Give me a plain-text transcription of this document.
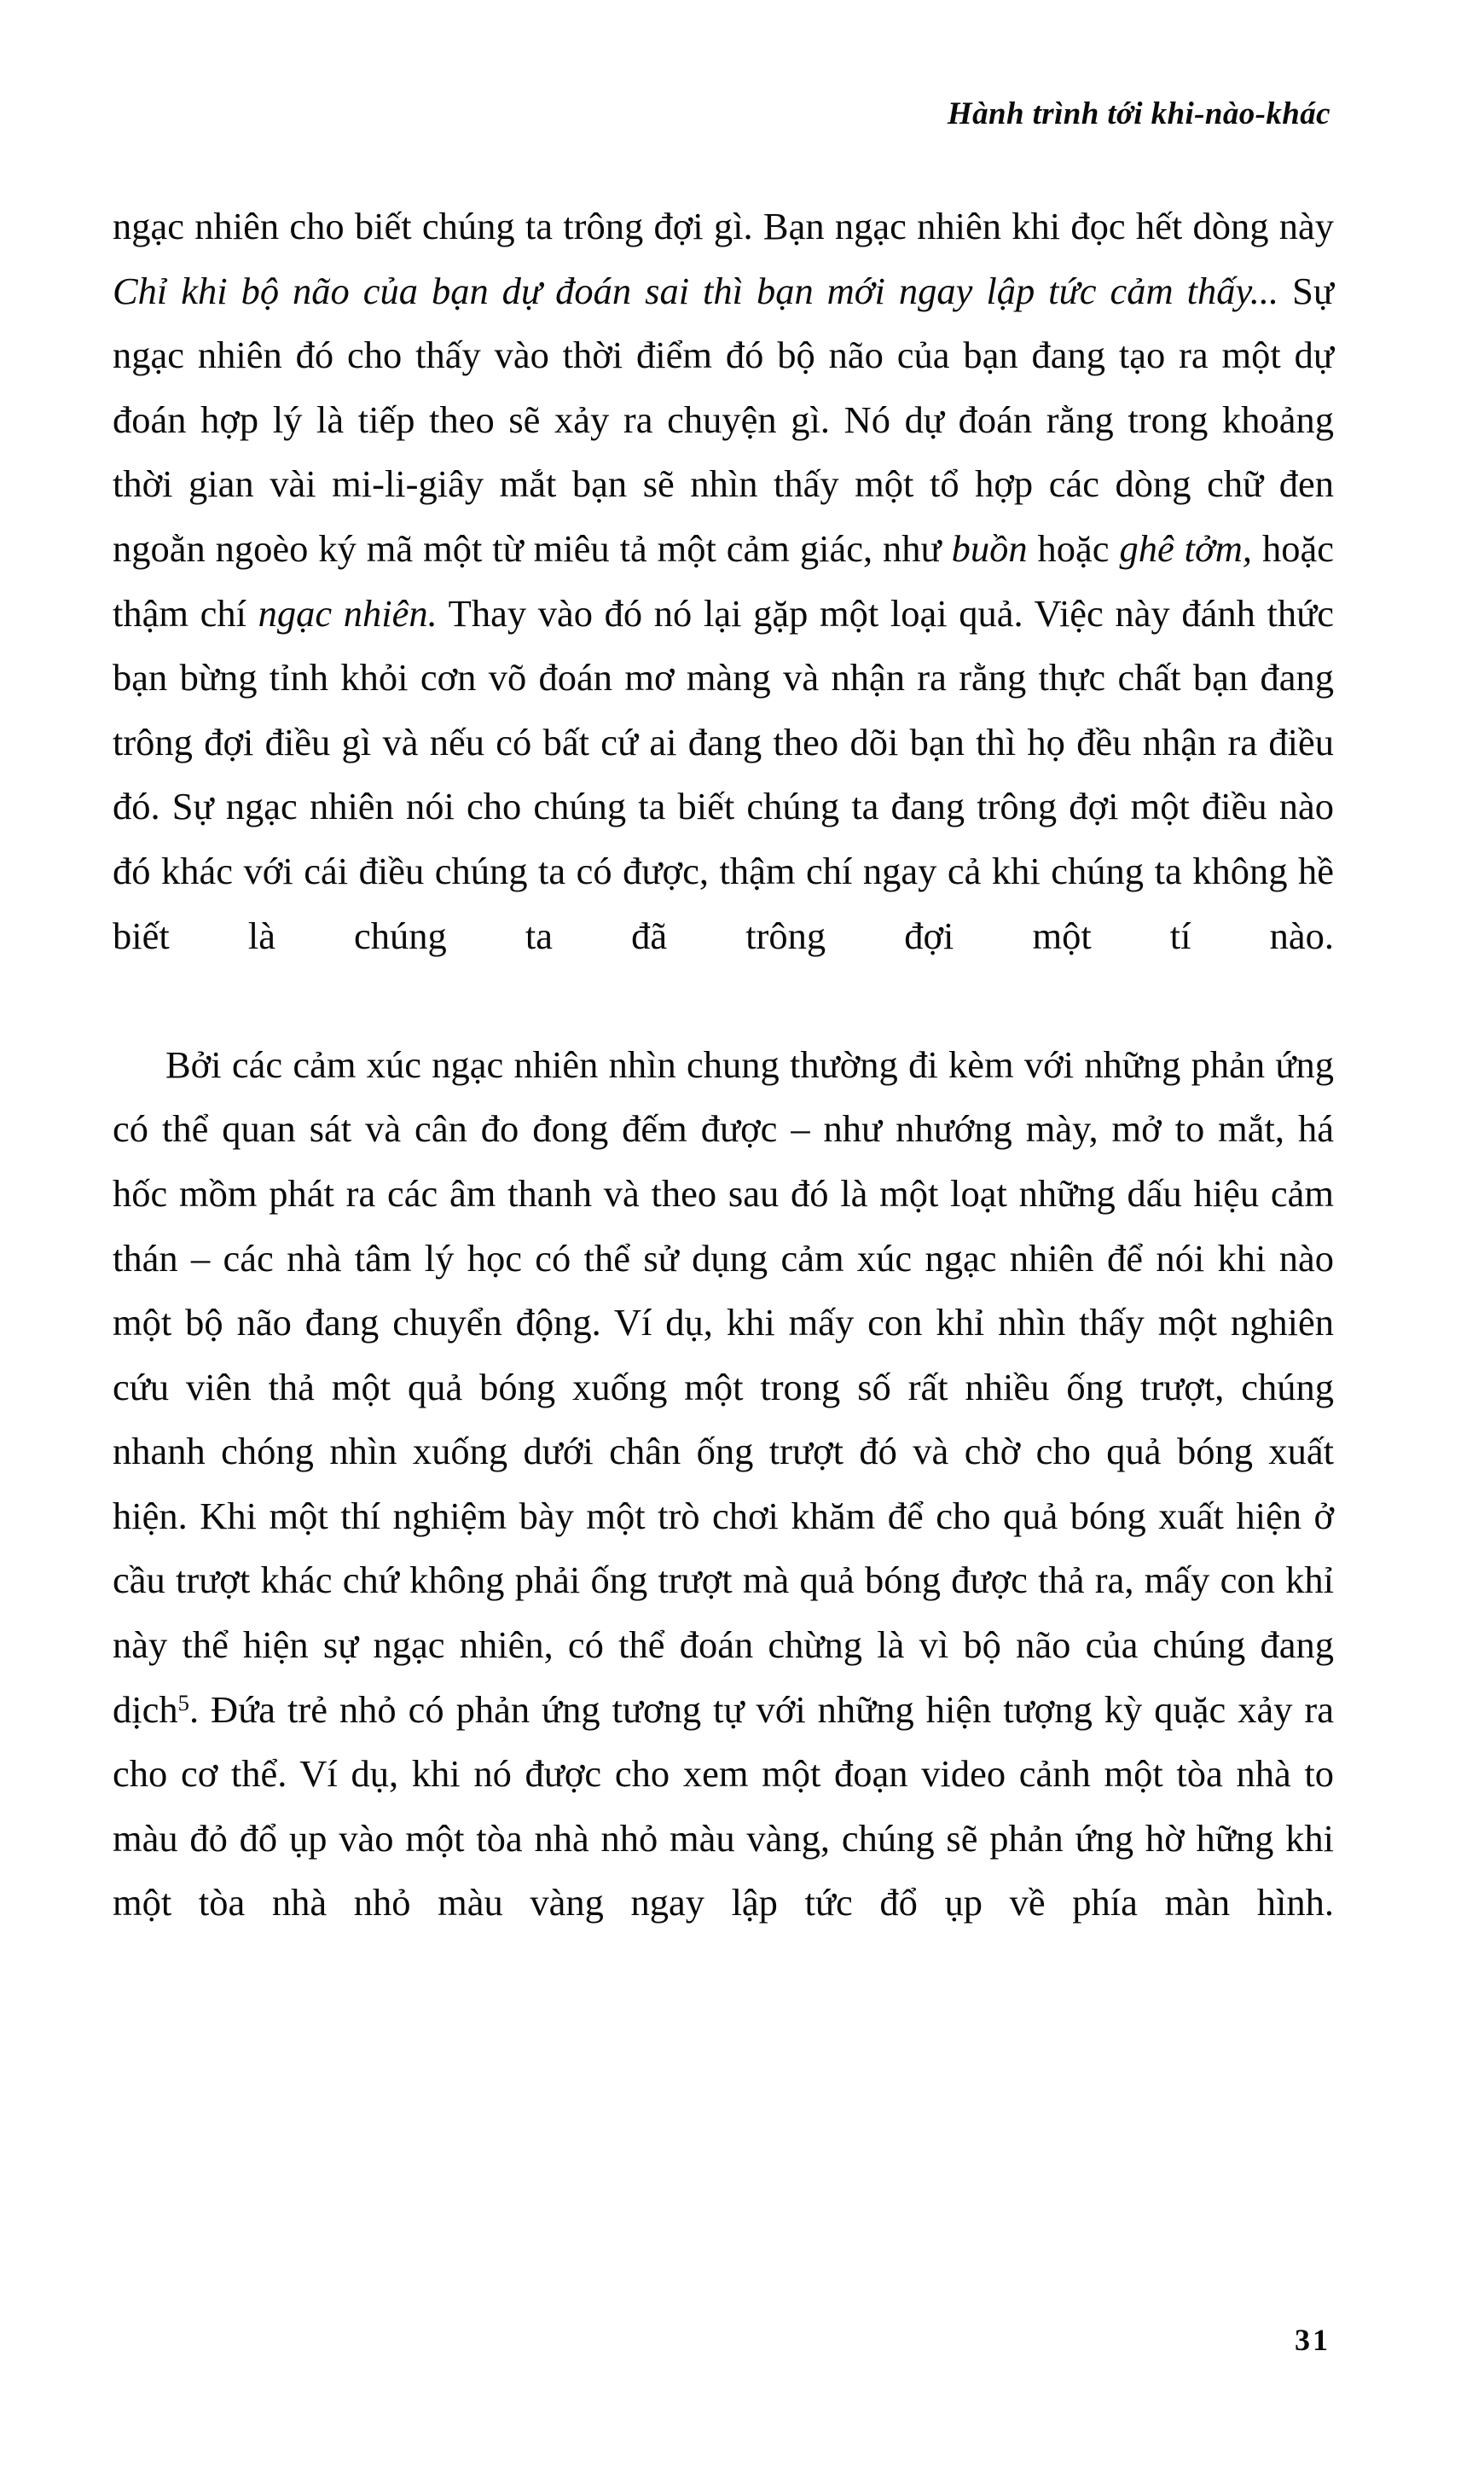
Hành trình tới khi-nào-khác

ngạc nhiên cho biết chúng ta trông đợi gì. Bạn ngạc nhiên khi đọc hết dòng này Chỉ khi bộ não của bạn dự đoán sai thì bạn mới ngay lập tức cảm thấy... Sự ngạc nhiên đó cho thấy vào thời điểm đó bộ não của bạn đang tạo ra một dự đoán hợp lý là tiếp theo sẽ xảy ra chuyện gì. Nó dự đoán rằng trong khoảng thời gian vài mi-li-giây mắt bạn sẽ nhìn thấy một tổ hợp các dòng chữ đen ngoằn ngoèo ký mã một từ miêu tả một cảm giác, như buồn hoặc ghê tởm, hoặc thậm chí ngạc nhiên. Thay vào đó nó lại gặp một loại quả. Việc này đánh thức bạn bừng tỉnh khỏi cơn võ đoán mơ màng và nhận ra rằng thực chất bạn đang trông đợi điều gì và nếu có bất cứ ai đang theo dõi bạn thì họ đều nhận ra điều đó. Sự ngạc nhiên nói cho chúng ta biết chúng ta đang trông đợi một điều nào đó khác với cái điều chúng ta có được, thậm chí ngay cả khi chúng ta không hề biết là chúng ta đã trông đợi một tí nào.

Bởi các cảm xúc ngạc nhiên nhìn chung thường đi kèm với những phản ứng có thể quan sát và cân đo đong đếm được – như nhướng mày, mở to mắt, há hốc mồm phát ra các âm thanh và theo sau đó là một loạt những dấu hiệu cảm thán – các nhà tâm lý học có thể sử dụng cảm xúc ngạc nhiên để nói khi nào một bộ não đang chuyển động. Ví dụ, khi mấy con khỉ nhìn thấy một nghiên cứu viên thả một quả bóng xuống một trong số rất nhiều ống trượt, chúng nhanh chóng nhìn xuống dưới chân ống trượt đó và chờ cho quả bóng xuất hiện. Khi một thí nghiệm bày một trò chơi khăm để cho quả bóng xuất hiện ở cầu trượt khác chứ không phải ống trượt mà quả bóng được thả ra, mấy con khỉ này thể hiện sự ngạc nhiên, có thể đoán chừng là vì bộ não của chúng đang dịch$^5$. Đứa trẻ nhỏ có phản ứng tương tự với những hiện tượng kỳ quặc xảy ra cho cơ thể. Ví dụ, khi nó được cho xem một đoạn video cảnh một tòa nhà to màu đỏ đổ ụp vào một tòa nhà nhỏ màu vàng, chúng sẽ phản ứng hờ hững khi một tòa nhà nhỏ màu vàng ngay lập tức đổ ụp về phía màn hình.

31
